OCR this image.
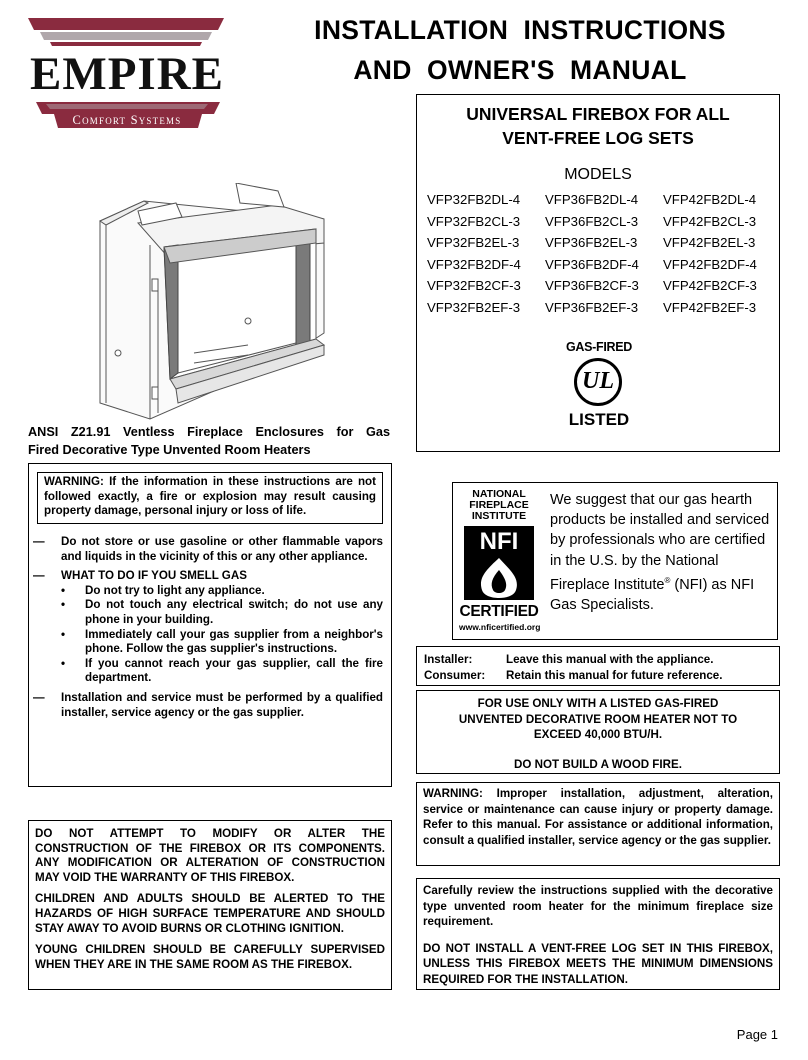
EMPIRE
Comfort Systems
INSTALLATION  INSTRUCTIONS
AND  OWNER'S  MANUAL
ANSI  Z21.91  Ventless  Fireplace  Enclosures  for  Gas
Fired Decorative Type Unvented Room Heaters
UNIVERSAL FIREBOX FOR ALL
VENT-FREE LOG SETS
MODELS
VFP32FB2DL-4	VFP36FB2DL-4	VFP42FB2DL-4
VFP32FB2CL-3	VFP36FB2CL-3	VFP42FB2CL-3
VFP32FB2EL-3	VFP36FB2EL-3	VFP42FB2EL-3
VFP32FB2DF-4	VFP36FB2DF-4	VFP42FB2DF-4
VFP32FB2CF-3	VFP36FB2CF-3	VFP42FB2CF-3
VFP32FB2EF-3	VFP36FB2EF-3	VFP42FB2EF-3
GAS-FIRED
UL
LISTED
WARNING: If the information in these instructions are not followed exactly, a fire or explosion may result causing property damage, personal injury or loss of life.
— Do not store or use gasoline or other flammable vapors and liquids in the vicinity of this or any other appliance.
— WHAT TO DO IF YOU SMELL GAS
• Do not try to light any appliance.
• Do not touch any electrical switch; do not use any phone in your building.
• Immediately call your gas supplier from a neighbor's phone. Follow the gas supplier's instructions.
• If you cannot reach your gas supplier, call the fire department.
— Installation and service must be performed by a qualified installer, service agency or the gas supplier.
DO NOT ATTEMPT TO MODIFY OR ALTER THE CONSTRUCTION OF THE FIREBOX OR ITS COMPONENTS. ANY MODIFICATION OR ALTERATION OF CONSTRUCTION MAY VOID THE WARRANTY OF THIS FIREBOX.
CHILDREN AND ADULTS SHOULD BE ALERTED TO THE HAZARDS OF HIGH SURFACE TEMPERATURE AND SHOULD STAY AWAY TO AVOID BURNS OR CLOTHING IGNITION.
YOUNG CHILDREN SHOULD BE CAREFULLY SUPERVISED WHEN THEY ARE IN THE SAME ROOM AS THE FIREBOX.
NATIONAL
FIREPLACE
INSTITUTE
NFI
CERTIFIED
www.nficertified.org
We suggest that our gas hearth products be installed and serviced by professionals who are certified in the U.S. by the National Fireplace Institute® (NFI) as NFI Gas Specialists.
Installer:	Leave this manual with the appliance.
Consumer: Retain this manual for future reference.
FOR USE ONLY WITH A LISTED GAS-FIRED UNVENTED DECORATIVE ROOM HEATER NOT TO EXCEED 40,000 BTU/H.
DO NOT BUILD A WOOD FIRE.
WARNING: Improper installation, adjustment, alteration, service or maintenance can cause injury or property damage. Refer to this manual. For assistance or additional information, consult a qualified installer, service agency or the gas supplier.
Carefully review the instructions supplied with the decorative type unvented room heater for the minimum fireplace size requirement.
DO NOT INSTALL A VENT-FREE LOG SET IN THIS FIREBOX, UNLESS THIS FIREBOX MEETS THE MINIMUM DIMENSIONS REQUIRED FOR THE INSTALLATION.
Page 1
